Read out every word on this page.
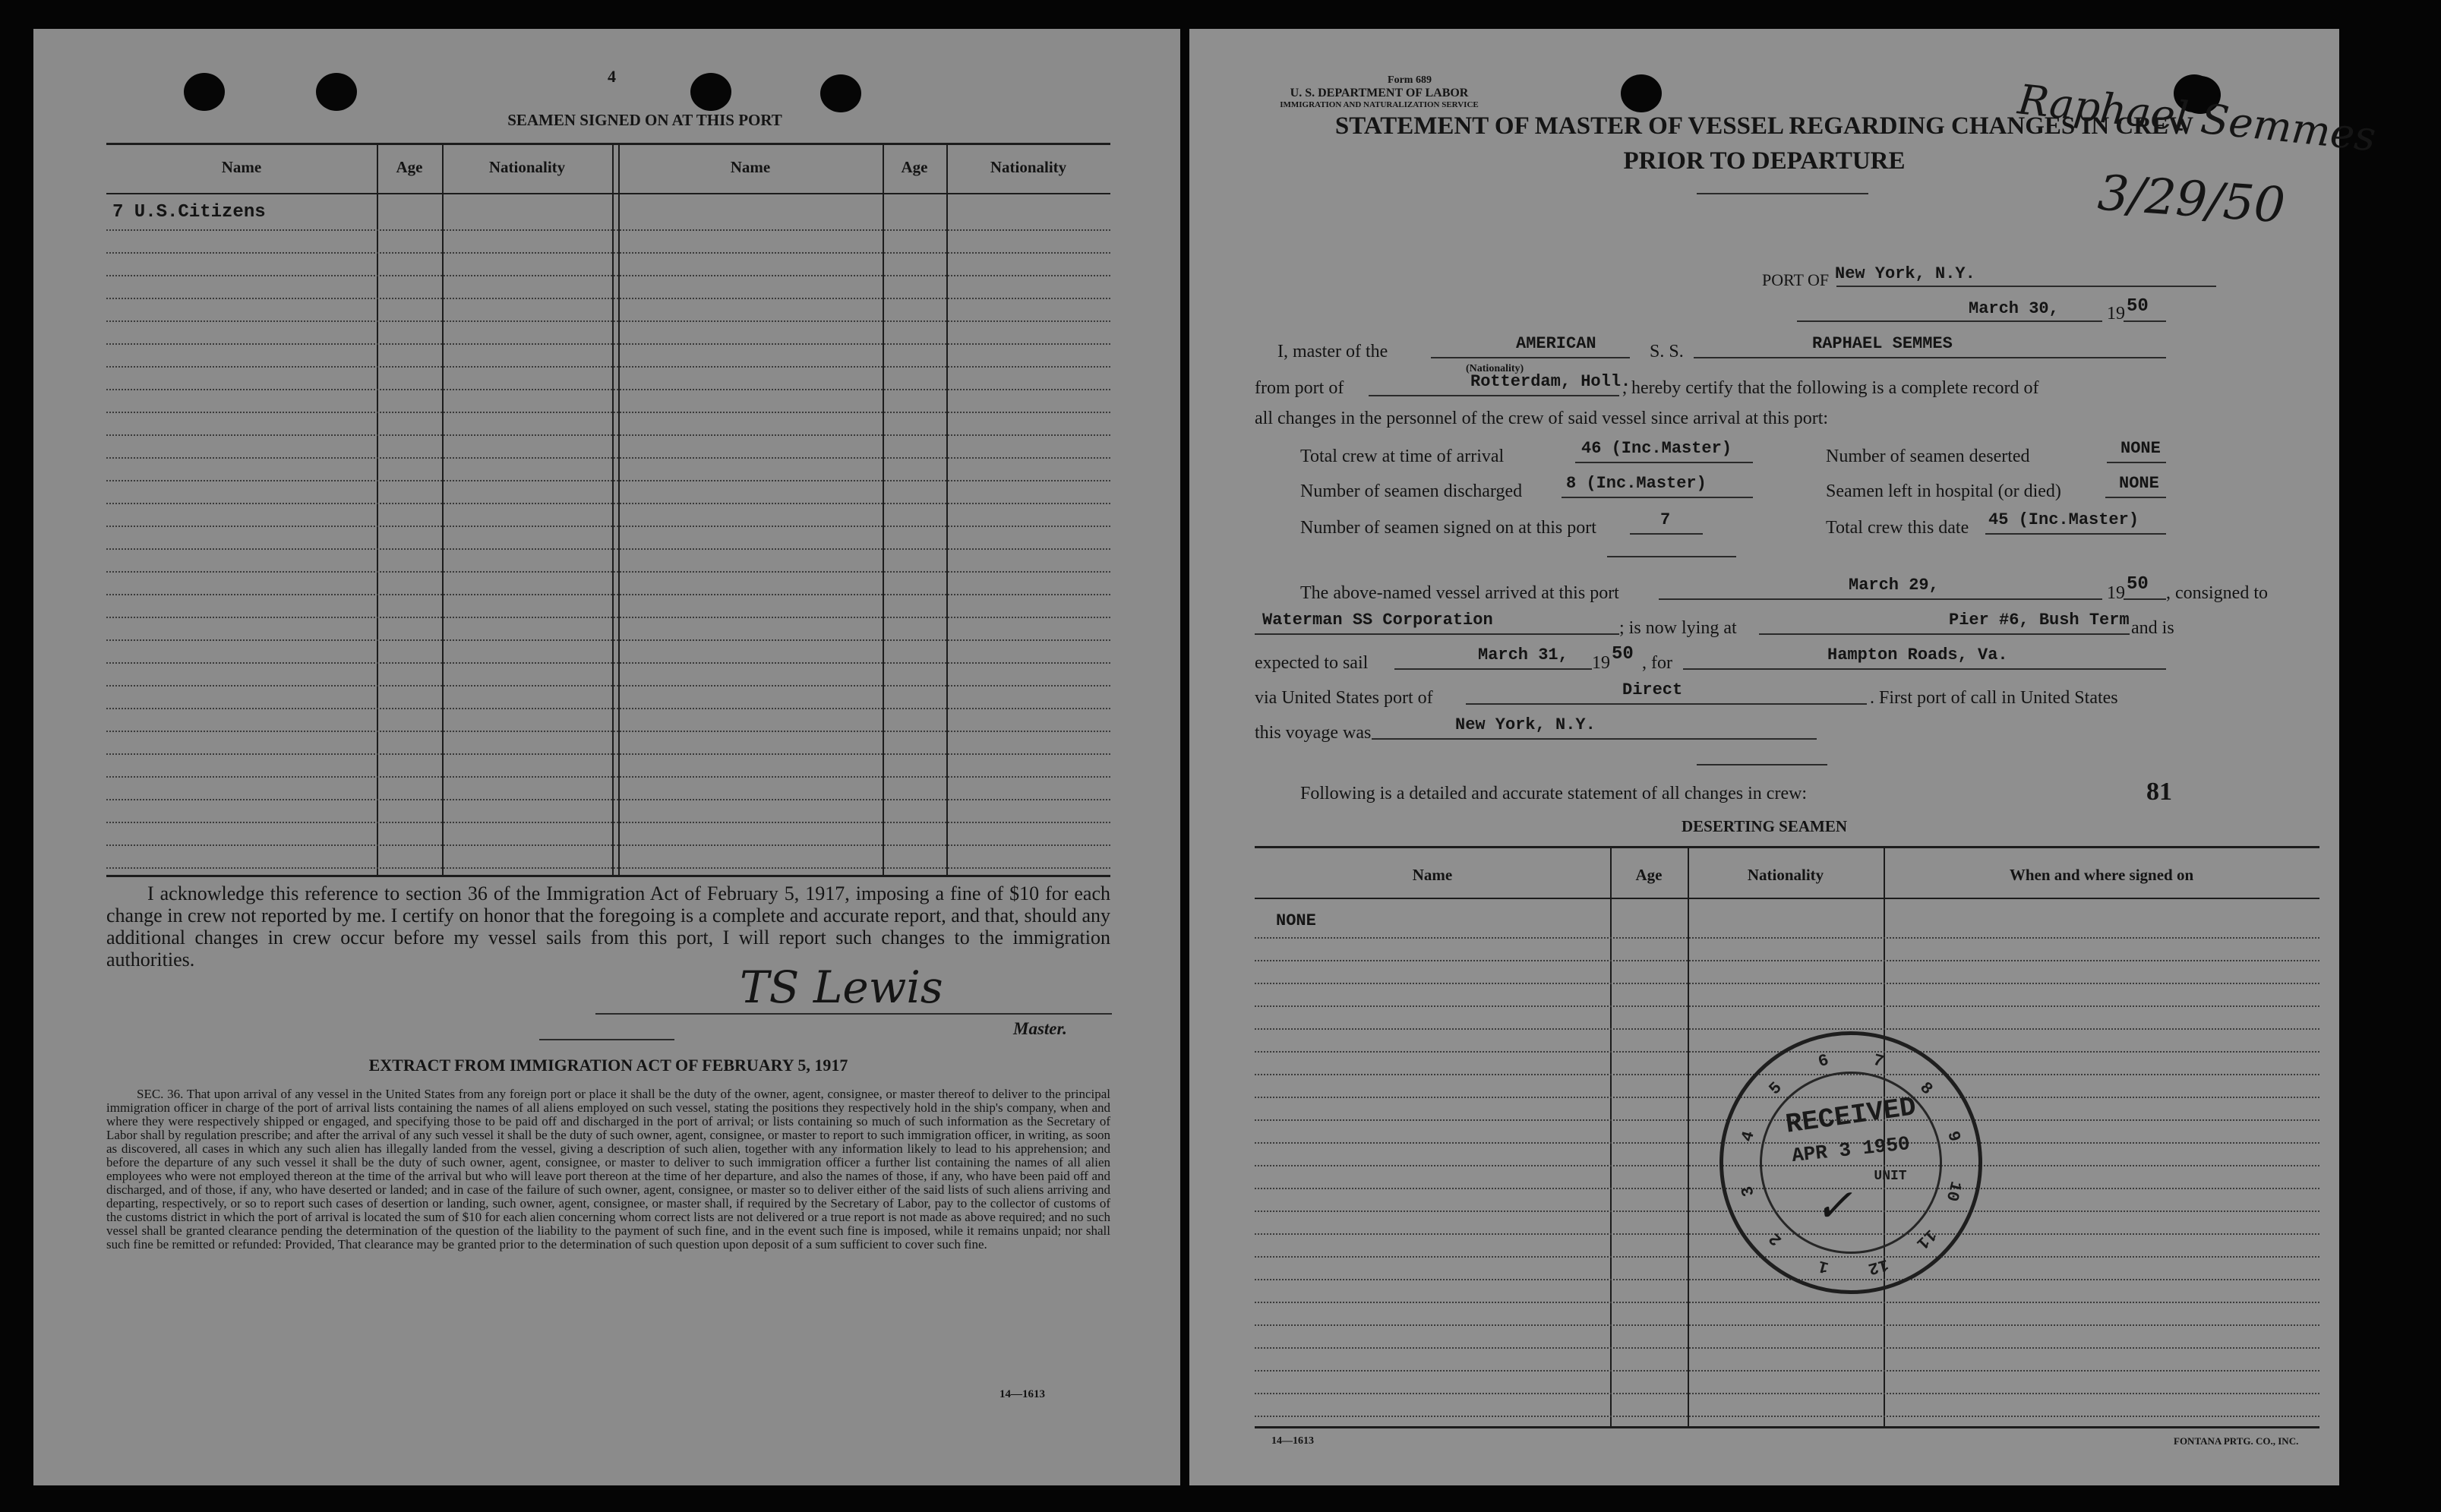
4
SEAMEN SIGNED ON AT THIS PORT
Name	Age	Nationality	Name	Age	Nationality
7 U.S.Citizens
I acknowledge this reference to section 36 of the Immigration Act of February 5, 1917, imposing a fine of $10 for each change in crew not reported by me. I certify on honor that the foregoing is a complete and accurate report, and that, should any additional changes in crew occur before my vessel sails from this port, I will report such changes to the immigration authorities.
TS Lewis
Master.
EXTRACT FROM IMMIGRATION ACT OF FEBRUARY 5, 1917
SEC. 36. That upon arrival of any vessel in the United States from any foreign port or place it shall be the duty of the owner, agent, consignee, or master thereof to deliver to the principal immigration officer in charge of the port of arrival lists containing the names of all aliens employed on such vessel, stating the positions they respectively hold in the ship's company, when and where they were respectively shipped or engaged, and specifying those to be paid off and discharged in the port of arrival; or lists containing so much of such information as the Secretary of Labor shall by regulation prescribe; and after the arrival of any such vessel it shall be the duty of such owner, agent, consignee, or master to report to such immigration officer, in writing, as soon as discovered, all cases in which any such alien has illegally landed from the vessel, giving a description of such alien, together with any information likely to lead to his apprehension; and before the departure of any such vessel it shall be the duty of such owner, agent, consignee, or master to deliver to such immigration officer a further list containing the names of all alien employees who were not employed thereon at the time of the arrival but who will leave port thereon at the time of her departure, and also the names of those, if any, who have been paid off and discharged, and of those, if any, who have deserted or landed; and in case of the failure of such owner, agent, consignee, or master so to deliver either of the said lists of such aliens arriving and departing, respectively, or so to report such cases of desertion or landing, such owner, agent, consignee, or master shall, if required by the Secretary of Labor, pay to the collector of customs of the customs district in which the port of arrival is located the sum of $10 for each alien concerning whom correct lists are not delivered or a true report is not made as above required; and no such vessel shall be granted clearance pending the determination of the question of the liability to the payment of such fine, and in the event such fine is imposed, while it remains unpaid; nor shall such fine be remitted or refunded: Provided, That clearance may be granted prior to the determination of such question upon deposit of a sum sufficient to cover such fine.
14—1613
Form 689
U. S. DEPARTMENT OF LABOR
IMMIGRATION AND NATURALIZATION SERVICE
STATEMENT OF MASTER OF VESSEL REGARDING CHANGES IN CREW
PRIOR TO DEPARTURE
Raphael Semmes
3/29/50
PORT OF New York, N.Y.
March 30,	19 50
I, master of the	AMERICAN
(Nationality)
S. S.	RAPHAEL SEMMES
from port of	Rotterdam, Holl.
, hereby certify that the following is a complete record of
all changes in the personnel of the crew of said vessel since arrival at this port:
Total crew at time of arrival	46 (Inc.Master)	Number of seamen deserted	NONE
Number of seamen discharged	8 (Inc.Master)	Seamen left in hospital (or died)	NONE
Number of seamen signed on at this port	7	Total crew this date 45 (Inc.Master)
The above-named vessel arrived at this port	March 29,	19 50 , consigned to
Waterman SS Corporation	; is now lying at	Pier #6, Bush Term and is
expected to sail	March 31, 19 50 , for	Hampton Roads, Va.
via United States port of	Direct	. First port of call in United States
this voyage was	New York, N.Y.
Following is a detailed and accurate statement of all changes in crew:	81
DESERTING SEAMEN
Name	Age	Nationality	When and where signed on
NONE
14—1613	FONTANA PRTG. CO., INC.
5
6	7
8
9
10
11
12
1
2
3
4 RECEIVED
APR 3 1950
UNIT
✓
